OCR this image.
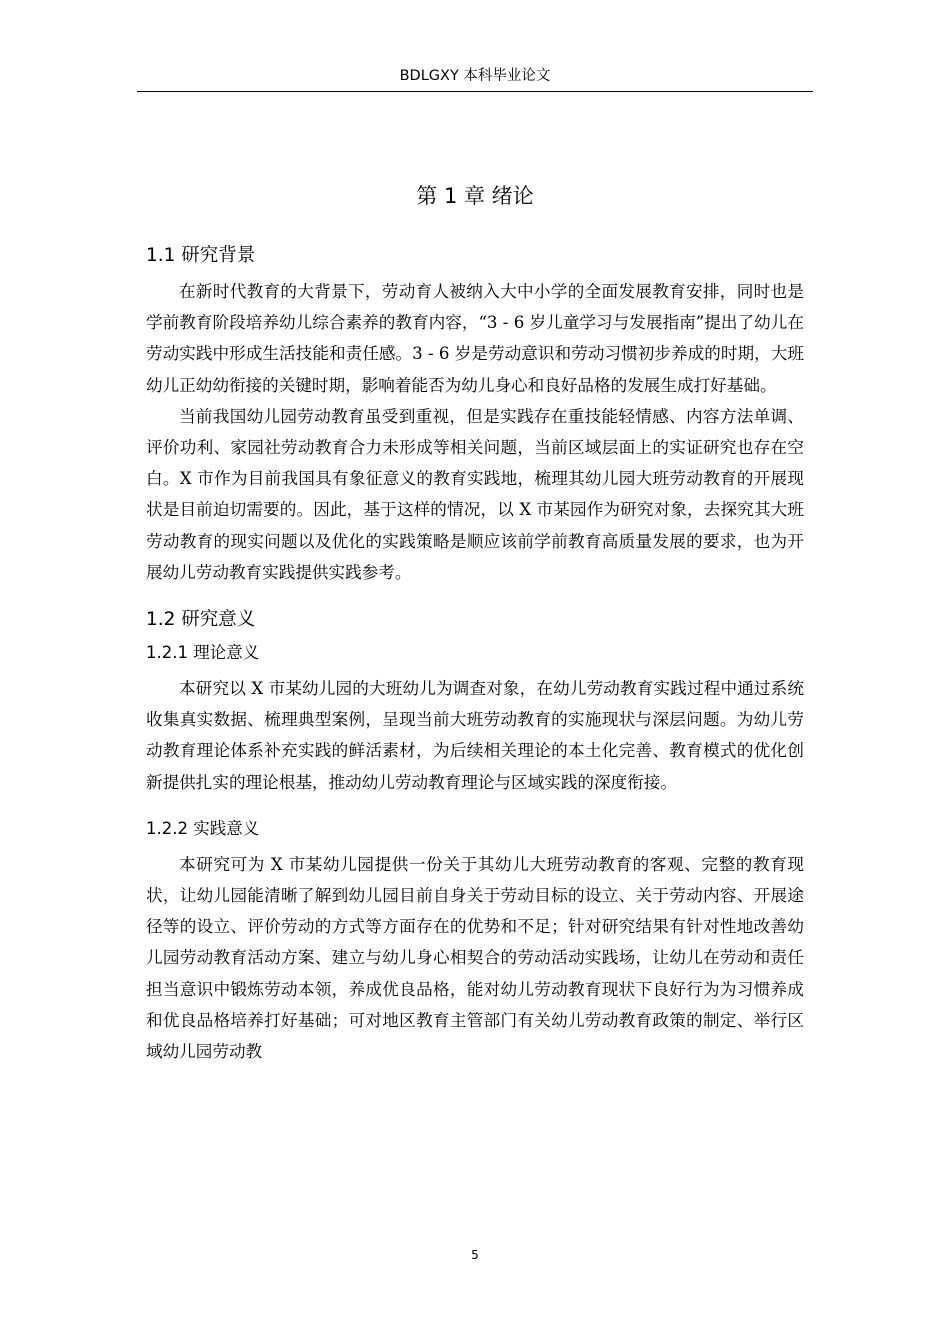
BDLGXY 本科毕业论文
第 1 章 绪论
1.1 研究背景

在新时代教育的大背景下，劳动育人被纳入大中小学的全面发展教育安排，同时也是学前教育阶段培养幼儿综合素养的教育内容，“3 - 6 岁儿童学习与发展指南”提出了幼儿在劳动实践中形成生活技能和责任感。3 - 6 岁是劳动意识和劳动习惯初步养成的时期，大班幼儿正幼幼衔接的关键时期，影响着能否为幼儿身心和良好品格的发展生成打好基础。

当前我国幼儿园劳动教育虽受到重视，但是实践存在重技能轻情感、内容方法单调、评价功利、家园社劳动教育合力未形成等相关问题，当前区域层面上的实证研究也存在空白。X 市作为目前我国具有象征意义的教育实践地，梳理其幼儿园大班劳动教育的开展现状是目前迫切需要的。因此，基于这样的情况，以 X 市某园作为研究对象，去探究其大班劳动教育的现实问题以及优化的实践策略是顺应该前学前教育高质量发展的要求，也为开展幼儿劳动教育实践提供实践参考。

1.2 研究意义
1.2.1 理论意义

本研究以 X 市某幼儿园的大班幼儿为调查对象，在幼儿劳动教育实践过程中通过系统收集真实数据、梳理典型案例，呈现当前大班劳动教育的实施现状与深层问题。为幼儿劳动教育理论体系补充实践的鲜活素材，为后续相关理论的本土化完善、教育模式的优化创新提供扎实的理论根基，推动幼儿劳动教育理论与区域实践的深度衔接。

1.2.2 实践意义

本研究可为 X 市某幼儿园提供一份关于其幼儿大班劳动教育的客观、完整的教育现状，让幼儿园能清晰了解到幼儿园目前自身关于劳动目标的设立、关于劳动内容、开展途径等的设立、评价劳动的方式等方面存在的优势和不足；针对研究结果有针对性地改善幼儿园劳动教育活动方案、建立与幼儿身心相契合的劳动活动实践场，让幼儿在劳动和责任担当意识中锻炼劳动本领，养成优良品格，能对幼儿劳动教育现状下良好行为为习惯养成和优良品格培养打好基础；可对地区教育主管部门有关幼儿劳动教育政策的制定、举行区域幼儿园劳动教

5
